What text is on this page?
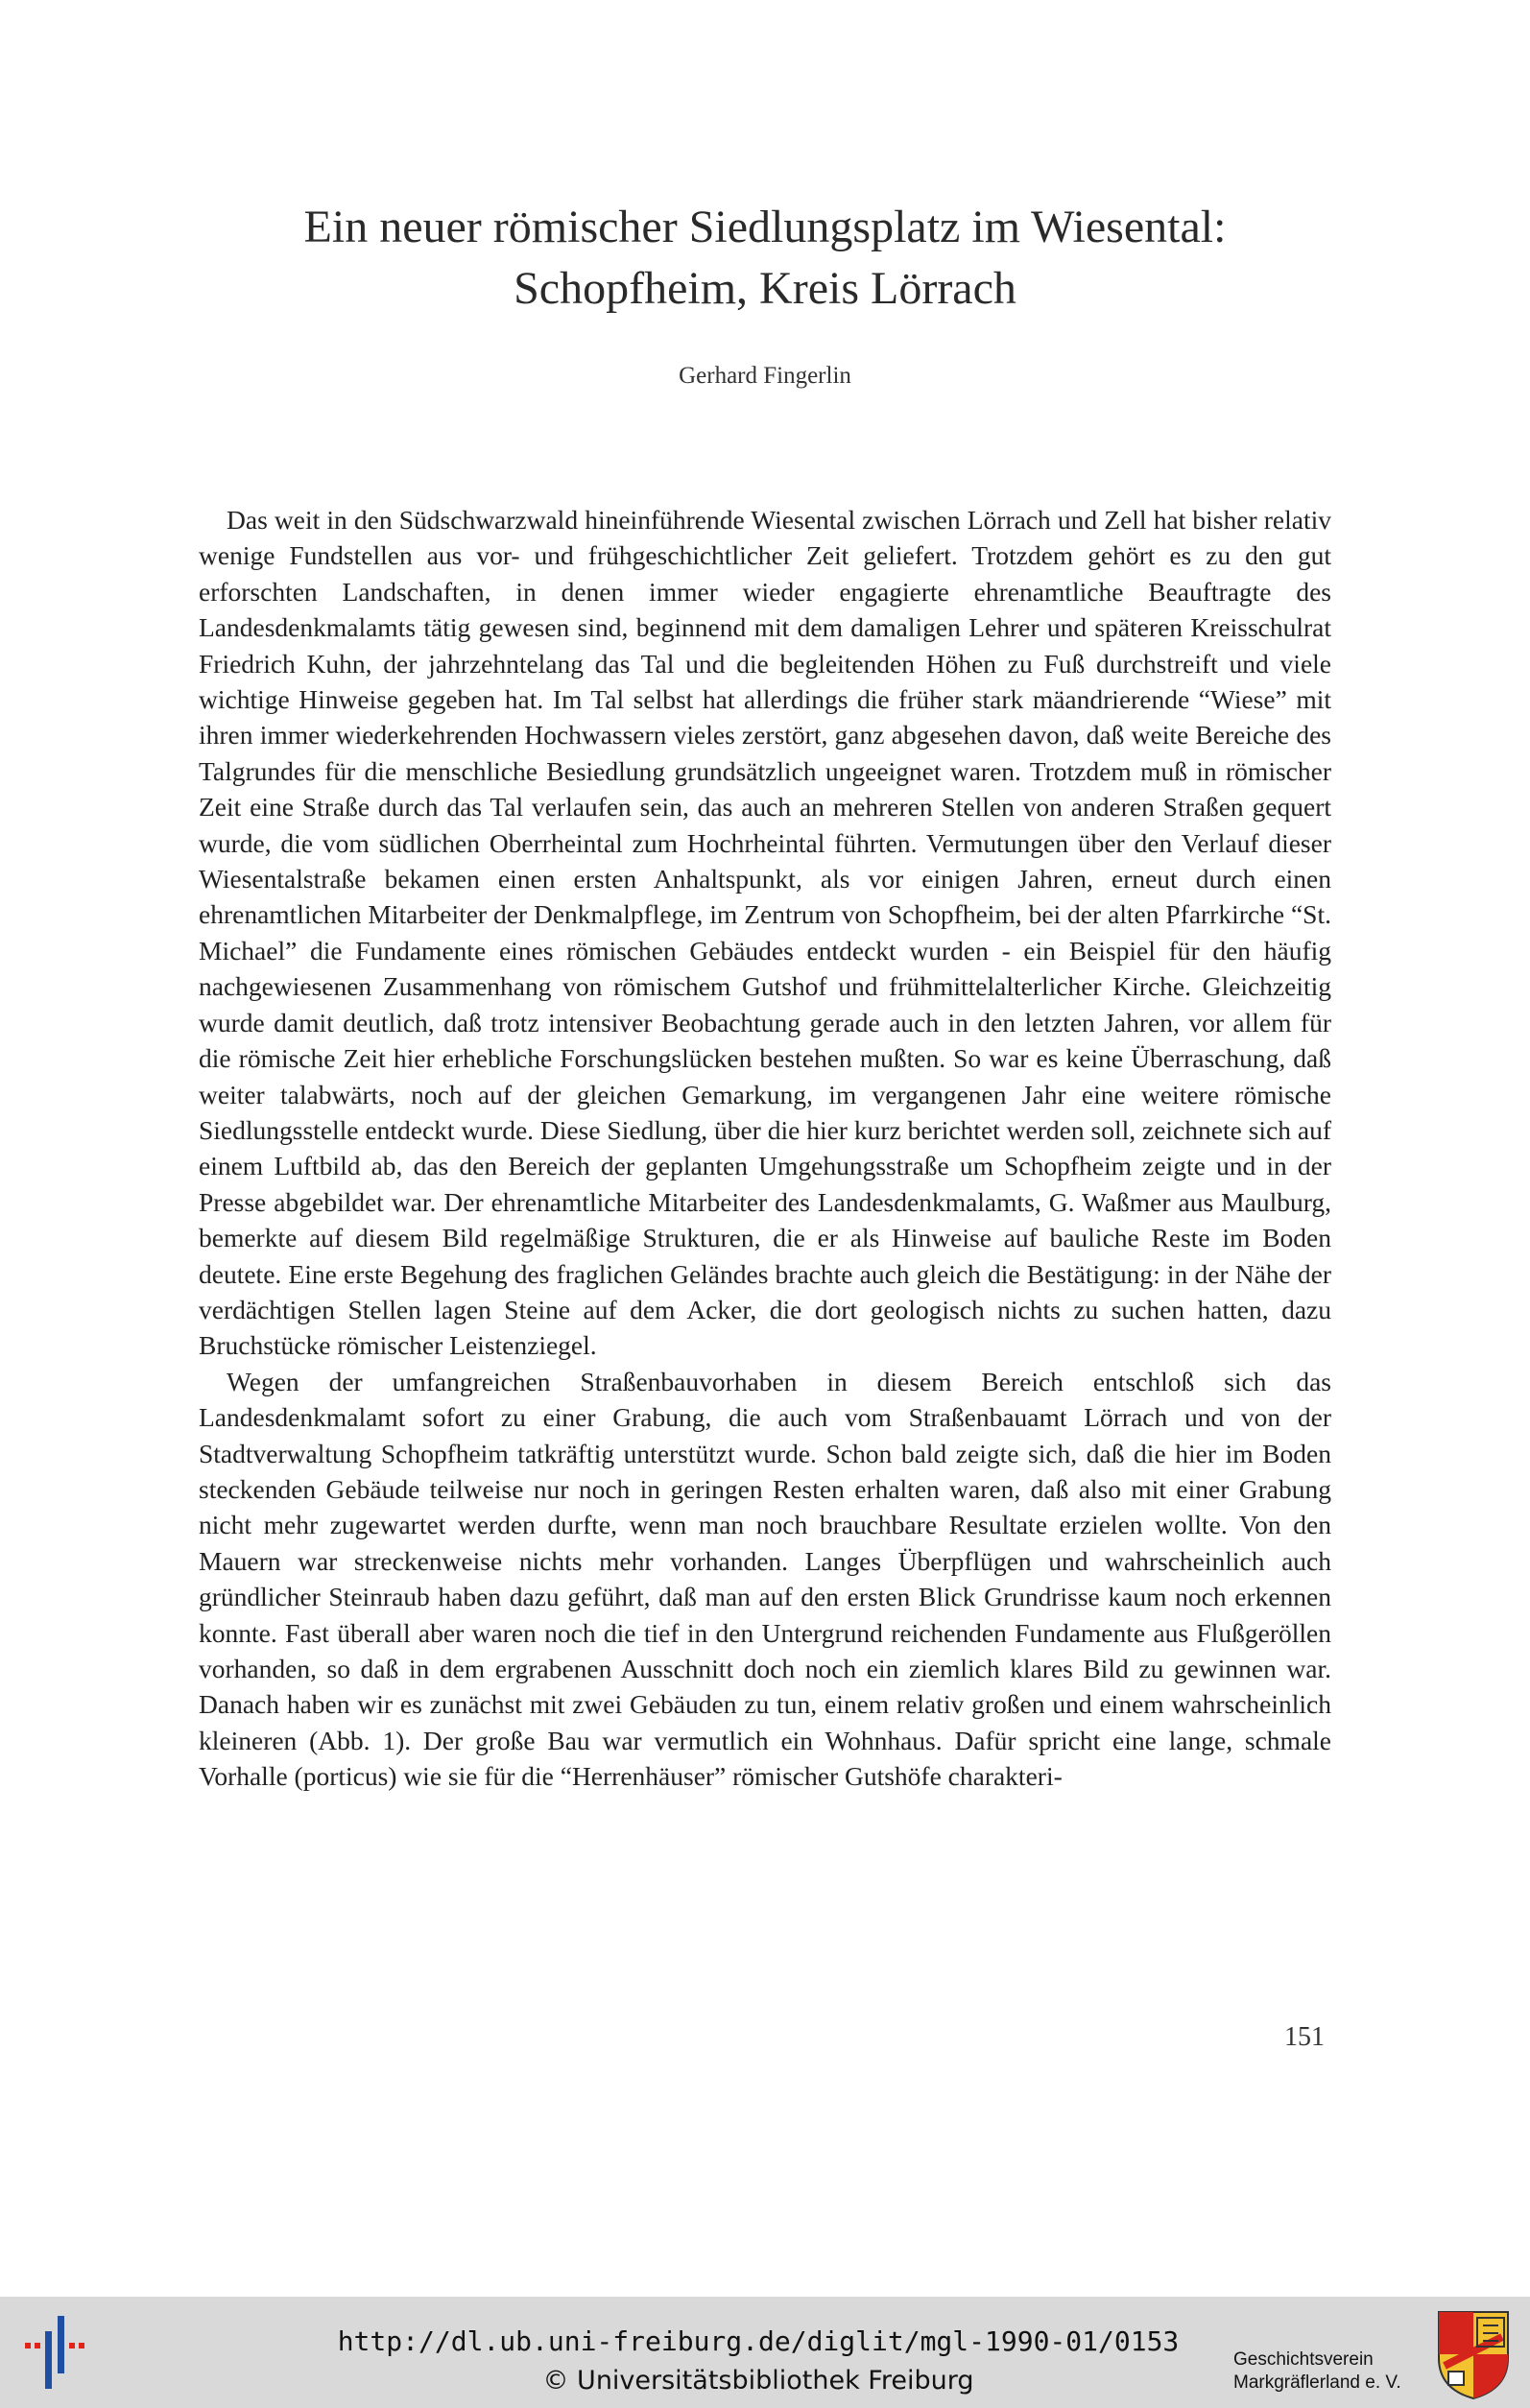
Ein neuer römischer Siedlungsplatz im Wiesental:
Schopfheim, Kreis Lörrach

Gerhard Fingerlin

Das weit in den Südschwarzwald hineinführende Wiesental zwischen Lörrach und Zell hat bisher relativ wenige Fundstellen aus vor- und frühgeschichtlicher Zeit geliefert. Trotzdem gehört es zu den gut erforschten Landschaften, in denen immer wieder engagierte ehrenamtliche Beauftragte des Landesdenkmalamts tätig gewesen sind, beginnend mit dem damaligen Lehrer und späteren Kreisschulrat Friedrich Kuhn, der jahrzehntelang das Tal und die begleitenden Höhen zu Fuß durchstreift und viele wichtige Hinweise gegeben hat. Im Tal selbst hat allerdings die früher stark mäandrierende “Wiese” mit ihren immer wiederkehrenden Hochwassern vieles zerstört, ganz abgesehen davon, daß weite Bereiche des Talgrundes für die menschliche Besiedlung grundsätzlich ungeeignet waren. Trotzdem muß in römischer Zeit eine Straße durch das Tal verlaufen sein, das auch an mehreren Stellen von anderen Straßen gequert wurde, die vom südlichen Oberrheintal zum Hochrheintal führten. Vermutungen über den Verlauf dieser Wiesentalstraße bekamen einen ersten Anhaltspunkt, als vor einigen Jahren, erneut durch einen ehrenamtlichen Mitarbeiter der Denkmalpflege, im Zentrum von Schopfheim, bei der alten Pfarrkirche “St. Michael” die Fundamente eines römischen Gebäudes entdeckt wurden - ein Beispiel für den häufig nachgewiesenen Zusammenhang von römischem Gutshof und frühmittelalterlicher Kirche. Gleichzeitig wurde damit deutlich, daß trotz intensiver Beobachtung gerade auch in den letzten Jahren, vor allem für die römische Zeit hier erhebliche Forschungslücken bestehen mußten. So war es keine Überraschung, daß weiter talabwärts, noch auf der gleichen Gemarkung, im vergangenen Jahr eine weitere römische Siedlungsstelle entdeckt wurde. Diese Siedlung, über die hier kurz berichtet werden soll, zeichnete sich auf einem Luftbild ab, das den Bereich der geplanten Umgehungsstraße um Schopfheim zeigte und in der Presse abgebildet war. Der ehrenamtliche Mitarbeiter des Landesdenkmalamts, G. Waßmer aus Maulburg, bemerkte auf diesem Bild regelmäßige Strukturen, die er als Hinweise auf bauliche Reste im Boden deutete. Eine erste Begehung des fraglichen Geländes brachte auch gleich die Bestätigung: in der Nähe der verdächtigen Stellen lagen Steine auf dem Acker, die dort geologisch nichts zu suchen hatten, dazu Bruchstücke römischer Leistenziegel.

Wegen der umfangreichen Straßenbauvorhaben in diesem Bereich entschloß sich das Landesdenkmalamt sofort zu einer Grabung, die auch vom Straßenbauamt Lörrach und von der Stadtverwaltung Schopfheim tatkräftig unterstützt wurde. Schon bald zeigte sich, daß die hier im Boden steckenden Gebäude teilweise nur noch in geringen Resten erhalten waren, daß also mit einer Grabung nicht mehr zugewartet werden durfte, wenn man noch brauchbare Resultate erzielen wollte. Von den Mauern war streckenweise nichts mehr vorhanden. Langes Überpflügen und wahrscheinlich auch gründlicher Steinraub haben dazu geführt, daß man auf den ersten Blick Grundrisse kaum noch erkennen konnte. Fast überall aber waren noch die tief in den Untergrund reichenden Fundamente aus Flußgeröllen vorhanden, so daß in dem ergrabenen Ausschnitt doch noch ein ziemlich klares Bild zu gewinnen war. Danach haben wir es zunächst mit zwei Gebäuden zu tun, einem relativ großen und einem wahrscheinlich kleineren (Abb. 1). Der große Bau war vermutlich ein Wohnhaus. Dafür spricht eine lange, schmale Vorhalle (porticus) wie sie für die “Herrenhäuser” römischer Gutshöfe charakteri-

151
http://dl.ub.uni-freiburg.de/diglit/mgl-1990-01/0153
© Universitätsbibliothek Freiburg
Geschichtsverein
Markgräflerland e. V.
